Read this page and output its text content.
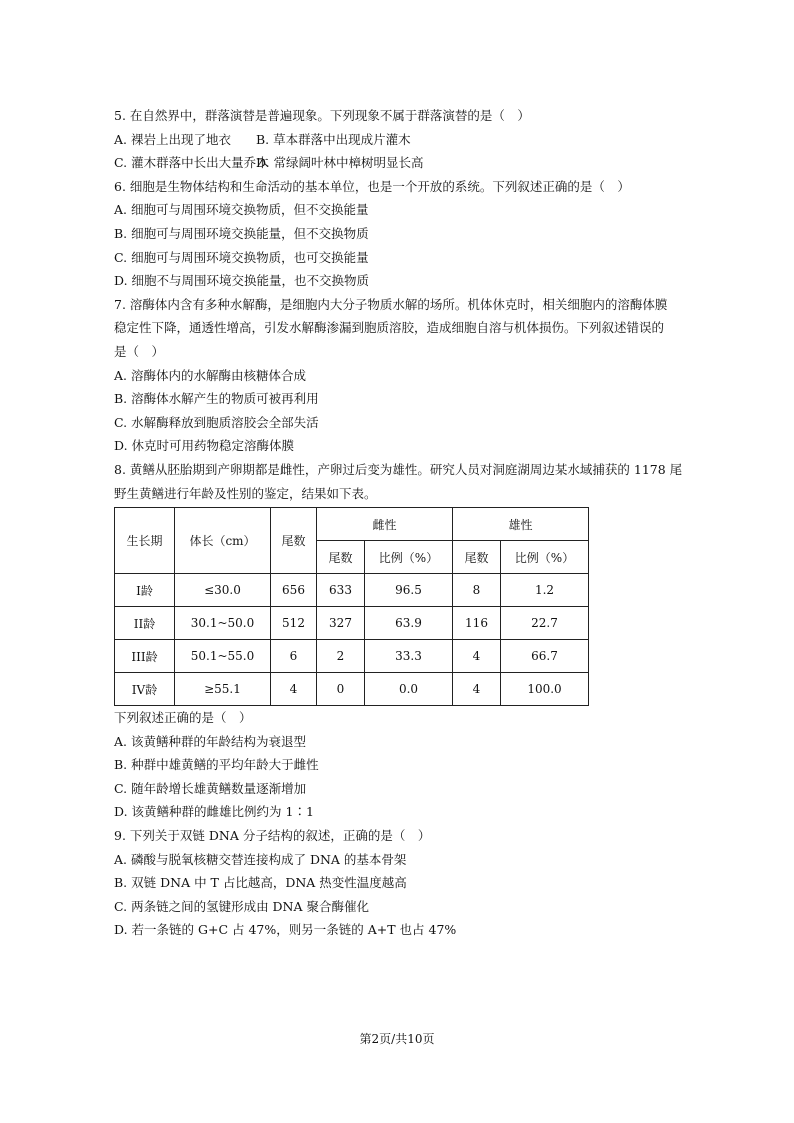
5. 在自然界中，群落演替是普遍现象。下列现象不属于群落演替的是（　）
A. 裸岩上出现了地衣	B. 草本群落中出现成片灌木
C. 灌木群落中长出大量乔木
D. 常绿阔叶林中樟树明显长高
6. 细胞是生物体结构和生命活动的基本单位，也是一个开放的系统。下列叙述正确的是（　）
A. 细胞可与周围环境交换物质，但不交换能量
B. 细胞可与周围环境交换能量，但不交换物质
C. 细胞可与周围环境交换物质，也可交换能量
D. 细胞不与周围环境交换能量，也不交换物质
7. 溶酶体内含有多种水解酶，是细胞内大分子物质水解的场所。机体休克时，相关细胞内的溶酶体膜
稳定性下降，通透性增高，引发水解酶渗漏到胞质溶胶，造成细胞自溶与机体损伤。下列叙述错误的
是（　）
A. 溶酶体内的水解酶由核糖体合成
B. 溶酶体水解产生的物质可被再利用
C. 水解酶释放到胞质溶胶会全部失活
D. 休克时可用药物稳定溶酶体膜
8. 黄鳝从胚胎期到产卵期都是雌性，产卵过后变为雄性。研究人员对洞庭湖周边某水域捕获的 1178 尾
野生黄鳝进行年龄及性别的鉴定，结果如下表。
生长期	体长（cm）	尾数	雌性		雄性	
			尾数	比例（%）	尾数	比例（%）
I龄	≤30.0	656	633	96.5	8	1.2
II龄	30.1~50.0	512	327	63.9	116	22.7
III龄	50.1~55.0	6	2	33.3	4	66.7
IV龄	≥55.1	4	0	0.0	4	100.0
下列叙述正确的是（　）
A. 该黄鳝种群的年龄结构为衰退型
B. 种群中雄黄鳝的平均年龄大于雌性
C. 随年龄增长雄黄鳝数量逐渐增加
D. 该黄鳝种群的雌雄比例约为 1∶1
9. 下列关于双链 DNA 分子结构的叙述，正确的是（　）
A. 磷酸与脱氧核糖交替连接构成了 DNA 的基本骨架
B. 双链 DNA 中 T 占比越高，DNA 热变性温度越高
C. 两条链之间的氢键形成由 DNA 聚合酶催化
D. 若一条链的 G+C 占 47%，则另一条链的 A+T 也占 47%
第2页/共10页
